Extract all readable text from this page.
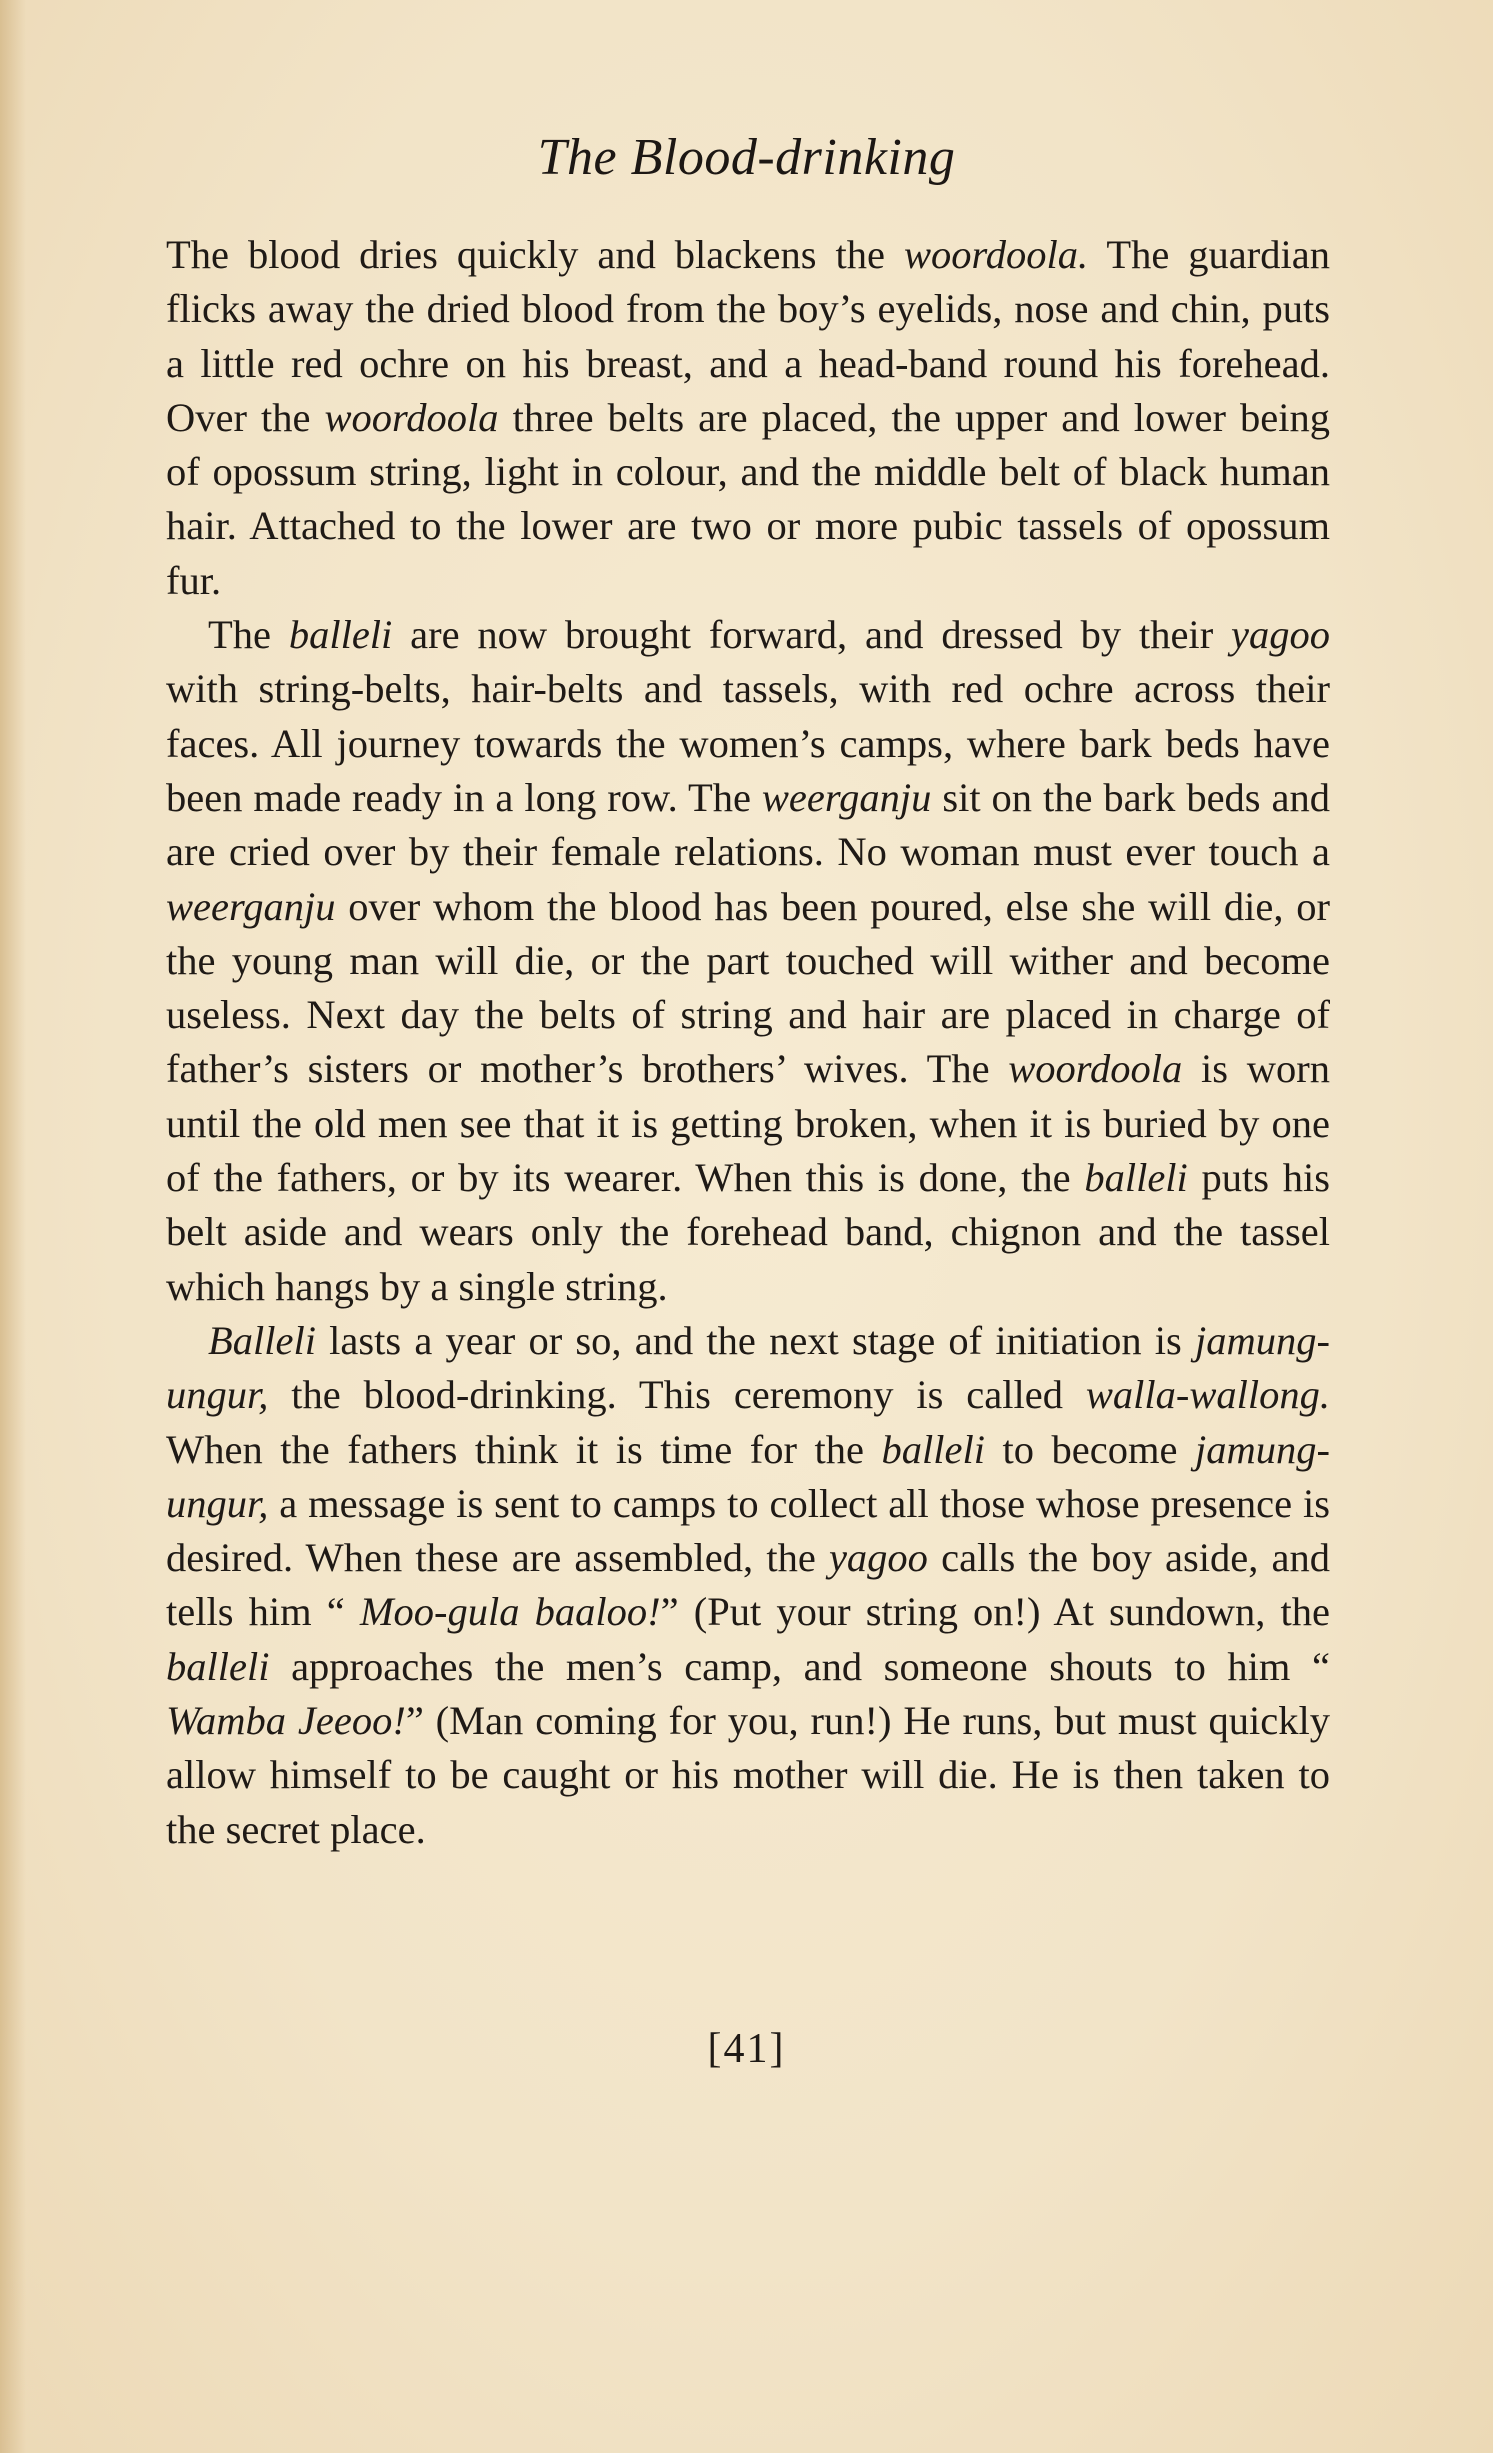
The Blood-drinking

The blood dries quickly and blackens the woordoola. The guardian flicks away the dried blood from the boy’s eyelids, nose and chin, puts a little red ochre on his breast, and a head-band round his forehead. Over the woordoola three belts are placed, the upper and lower being of opossum string, light in colour, and the middle belt of black human hair. Attached to the lower are two or more pubic tassels of opossum fur.

The balleli are now brought forward, and dressed by their yagoo with string-belts, hair-belts and tassels, with red ochre across their faces. All journey towards the women’s camps, where bark beds have been made ready in a long row. The weerganju sit on the bark beds and are cried over by their female relations. No woman must ever touch a weerganju over whom the blood has been poured, else she will die, or the young man will die, or the part touched will wither and become useless. Next day the belts of string and hair are placed in charge of father’s sisters or mother’s brothers’ wives. The woordoola is worn until the old men see that it is getting broken, when it is buried by one of the fathers, or by its wearer. When this is done, the balleli puts his belt aside and wears only the forehead band, chignon and the tassel which hangs by a single string.

Balleli lasts a year or so, and the next stage of initiation is jamung-ungur, the blood-drinking. This ceremony is called walla-wallong. When the fathers think it is time for the balleli to become jamung-ungur, a message is sent to camps to collect all those whose presence is desired. When these are assembled, the yagoo calls the boy aside, and tells him “ Moo-gula baaloo!” (Put your string on!) At sundown, the balleli approaches the men’s camp, and someone shouts to him “ Wamba Jeeoo!” (Man coming for you, run!) He runs, but must quickly allow himself to be caught or his mother will die. He is then taken to the secret place.

[41]
